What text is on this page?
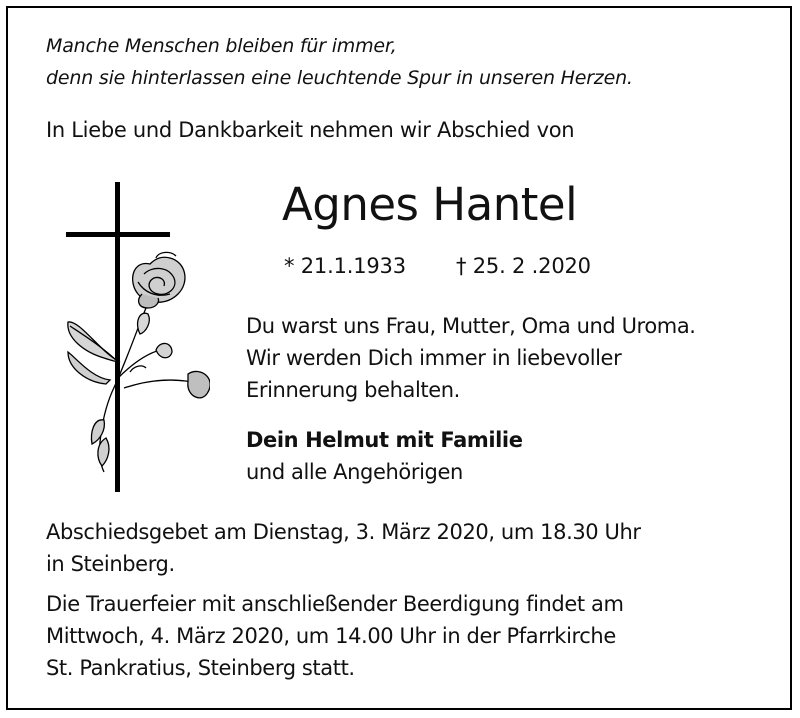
Manche Menschen bleiben für immer,

denn sie hinterlassen eine leuchtende Spur in unseren Herzen.

In Liebe und Dankbarkeit nehmen wir Abschied von

Agnes Hantel

* 21.1.1933 † 25. 2 .2020

Du warst uns Frau, Mutter, Oma und Uroma.

Wir werden Dich immer in liebevoller

Erinnerung behalten.

Dein Helmut mit Familie

und alle Angehörigen

Abschiedsgebet am Dienstag, 3. März 2020, um 18.30 Uhr

in Steinberg.

Die Trauerfeier mit anschließender Beerdigung findet am

Mittwoch, 4. März 2020, um 14.00 Uhr in der Pfarrkirche

St. Pankratius, Steinberg statt.
